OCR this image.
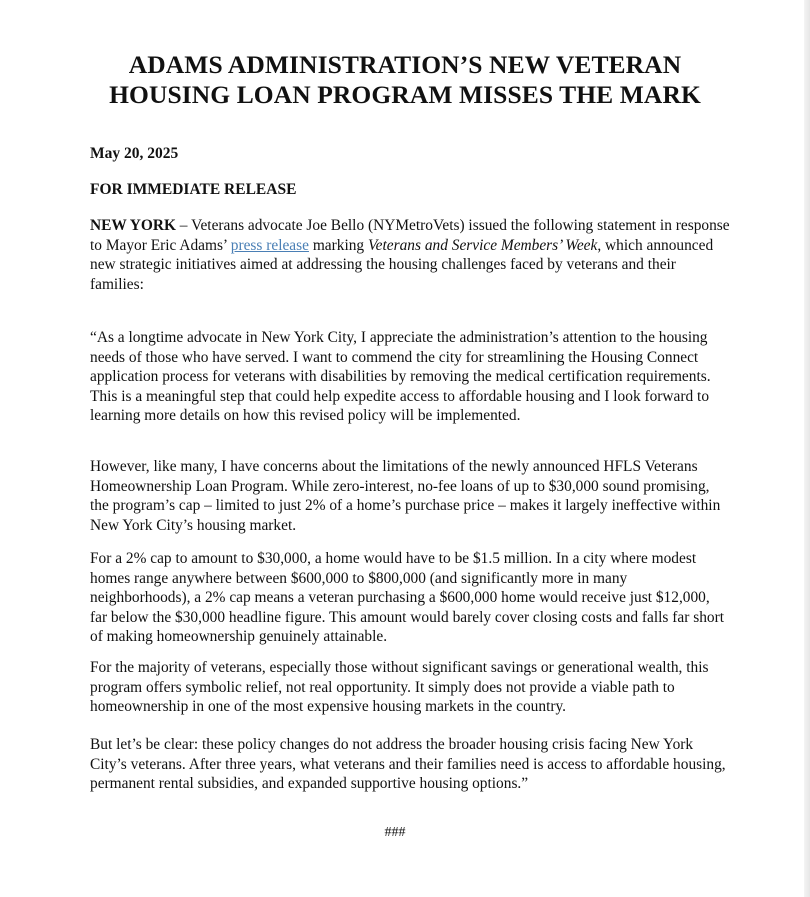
ADAMS ADMINISTRATION’S NEW VETERAN
HOUSING LOAN PROGRAM MISSES THE MARK

May 20, 2025

FOR IMMEDIATE RELEASE

NEW YORK – Veterans advocate Joe Bello (NYMetroVets) issued the following statement in response to Mayor Eric Adams’ press release marking Veterans and Service Members’ Week, which announced new strategic initiatives aimed at addressing the housing challenges faced by veterans and their families:

“As a longtime advocate in New York City, I appreciate the administration’s attention to the housing needs of those who have served. I want to commend the city for streamlining the Housing Connect application process for veterans with disabilities by removing the medical certification requirements. This is a meaningful step that could help expedite access to affordable housing and I look forward to learning more details on how this revised policy will be implemented.

However, like many, I have concerns about the limitations of the newly announced HFLS Veterans Homeownership Loan Program. While zero-interest, no-fee loans of up to $30,000 sound promising, the program’s cap – limited to just 2% of a home’s purchase price – makes it largely ineffective within New York City’s housing market.

For a 2% cap to amount to $30,000, a home would have to be $1.5 million. In a city where modest homes range anywhere between $600,000 to $800,000 (and significantly more in many neighborhoods), a 2% cap means a veteran purchasing a $600,000 home would receive just $12,000, far below the $30,000 headline figure. This amount would barely cover closing costs and falls far short of making homeownership genuinely attainable.

For the majority of veterans, especially those without significant savings or generational wealth, this program offers symbolic relief, not real opportunity. It simply does not provide a viable path to homeownership in one of the most expensive housing markets in the country.

But let’s be clear: these policy changes do not address the broader housing crisis facing New York City’s veterans. After three years, what veterans and their families need is access to affordable housing, permanent rental subsidies, and expanded supportive housing options.”

###
